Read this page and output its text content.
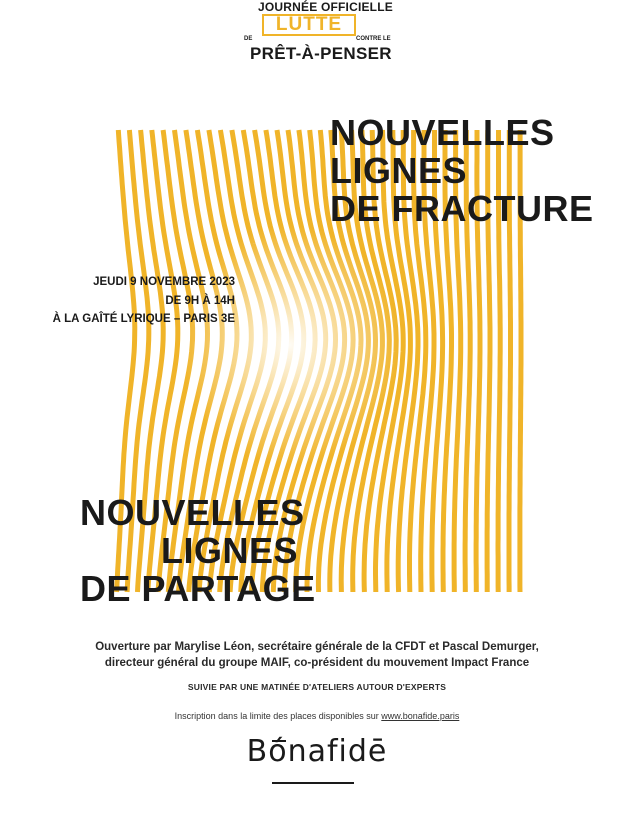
JOURNÉE OFFICIELLE
LUTTE
DE	CONTRE LE
PRÊT-À-PENSER
NOUVELLES
LIGNES
DE FRACTURE
JEUDI 9 NOVEMBRE 2023
DE 9H À 14H
À LA GAÎTÉ LYRIQUE – PARIS 3E
NOUVELLES
LIGNES
DE PARTAGE
Ouverture par Marylise Léon, secrétaire générale de la CFDT et Pascal Demurger,
directeur général du groupe MAIF, co-président du mouvement Impact France
SUIVIE PAR UNE MATINÉE D'ATELIERS AUTOUR D'EXPERTS
Inscription dans la limite des places disponibles sur www.bonafide.paris
Bónafidē
